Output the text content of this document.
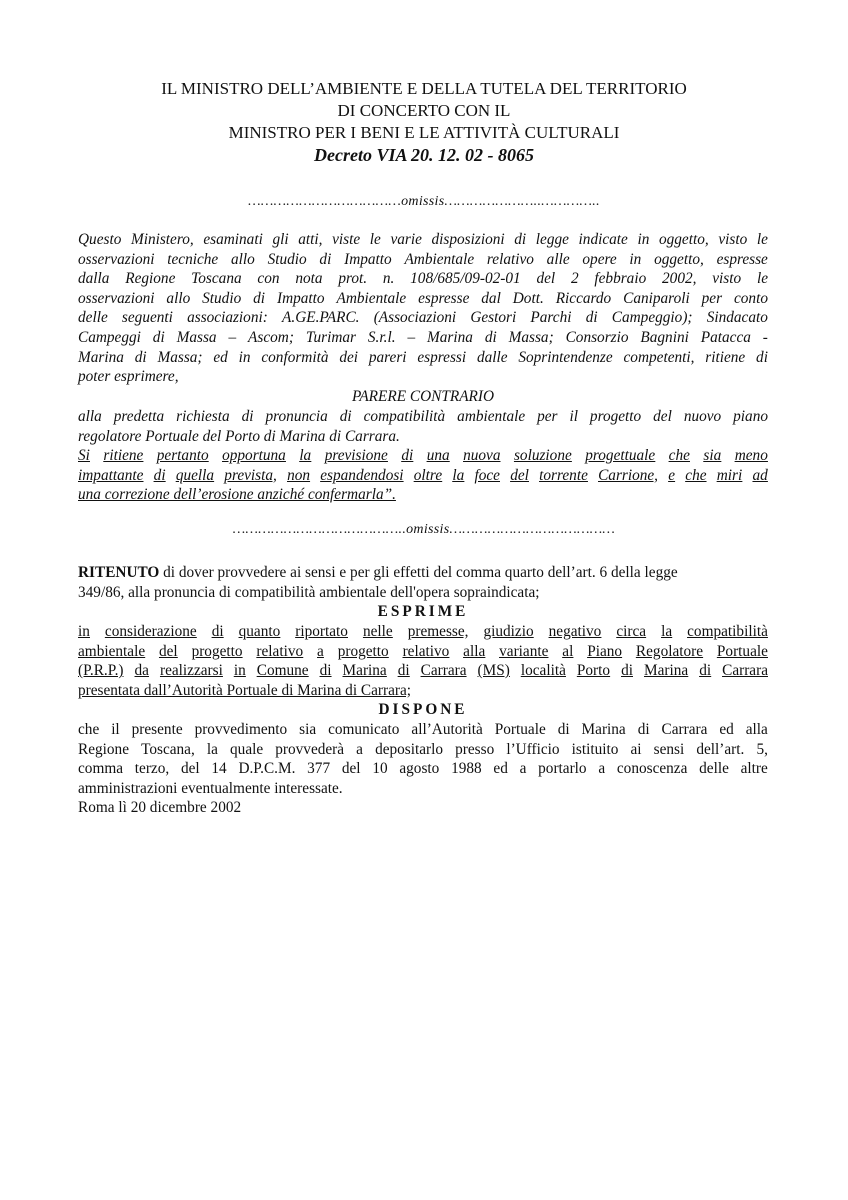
IL MINISTRO DELL’AMBIENTE E DELLA TUTELA DEL TERRITORIO
DI CONCERTO CON IL
MINISTRO PER I BENI E LE ATTIVITÀ CULTURALI
Decreto VIA 20. 12. 02 - 8065
………………………………omissis…………………..…………..
Questo Ministero, esaminati gli atti, viste le varie disposizioni di legge indicate in oggetto, visto le
osservazioni tecniche allo Studio di Impatto Ambientale relativo alle opere in oggetto, espresse
dalla Regione Toscana con nota prot. n. 108/685/09-02-01 del 2 febbraio 2002, visto le
osservazioni allo Studio di Impatto Ambientale espresse dal Dott. Riccardo Caniparoli per conto
delle seguenti associazioni: A.GE.PARC. (Associazioni Gestori Parchi di Campeggio); Sindacato
Campeggi di Massa – Ascom; Turimar S.r.l. – Marina di Massa; Consorzio Bagnini Patacca -
Marina di Massa; ed in conformità dei pareri espressi dalle Soprintendenze competenti, ritiene di
poter esprimere,
PARERE CONTRARIO
alla predetta richiesta di pronuncia di compatibilità ambientale per il progetto del nuovo piano
regolatore Portuale del Porto di Marina di Carrara.
Si ritiene pertanto opportuna la previsione di una nuova soluzione progettuale che sia meno
impattante di quella prevista, non espandendosi oltre la foce del torrente Carrione, e che miri ad
una correzione dell’erosione anziché confermarla”.
…………………………………..omissis…………………………………
RITENUTO di dover provvedere ai sensi e per gli effetti del comma quarto dell’art. 6 della legge
349/86, alla pronuncia di compatibilità ambientale dell'opera sopraindicata;
ESPRIME
in considerazione di quanto riportato nelle premesse, giudizio negativo circa la compatibilità
ambientale del progetto relativo a progetto relativo alla variante al Piano Regolatore Portuale
(P.R.P.) da realizzarsi in Comune di Marina di Carrara (MS) località Porto di Marina di Carrara
presentata dall’Autorità Portuale di Marina di Carrara;
DISPONE
che il presente provvedimento sia comunicato all’Autorità Portuale di Marina di Carrara ed alla
Regione Toscana, la quale provvederà a depositarlo presso l’Ufficio istituito ai sensi dell’art. 5,
comma terzo, del 14 D.P.C.M. 377 del 10 agosto 1988 ed a portarlo a conoscenza delle altre
amministrazioni eventualmente interessate.
Roma lì 20 dicembre 2002
